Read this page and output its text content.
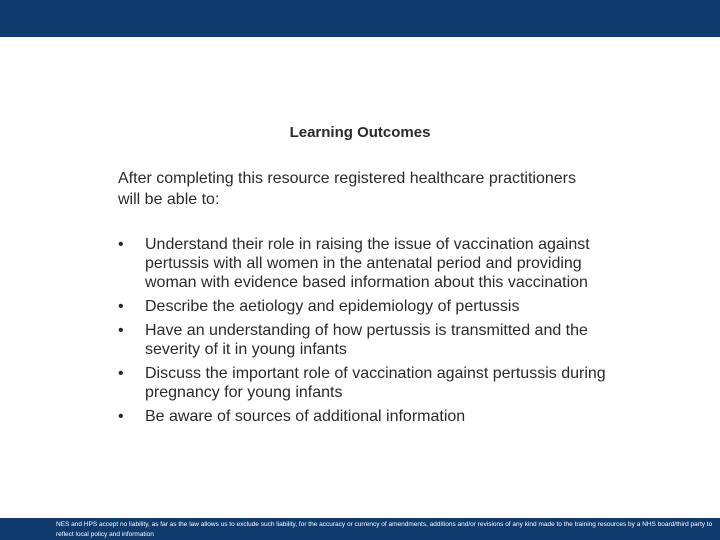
Learning Outcomes
After completing this resource registered healthcare practitioners will be able to:
• Understand their role in raising the issue of vaccination against pertussis with all women in the antenatal period and providing woman with evidence based information about this vaccination
• Describe the aetiology and epidemiology of pertussis
• Have an understanding of how pertussis is transmitted and the severity of it in young infants
• Discuss the important role of vaccination against pertussis during pregnancy for young infants
• Be aware of sources of additional information
NES and HPS accept no liability, as far as the law allows us to exclude such liability, for the accuracy or currency of amendments, additions and/or revisions of any kind made to the training resources by a NHS board/third party to reflect local policy and information
